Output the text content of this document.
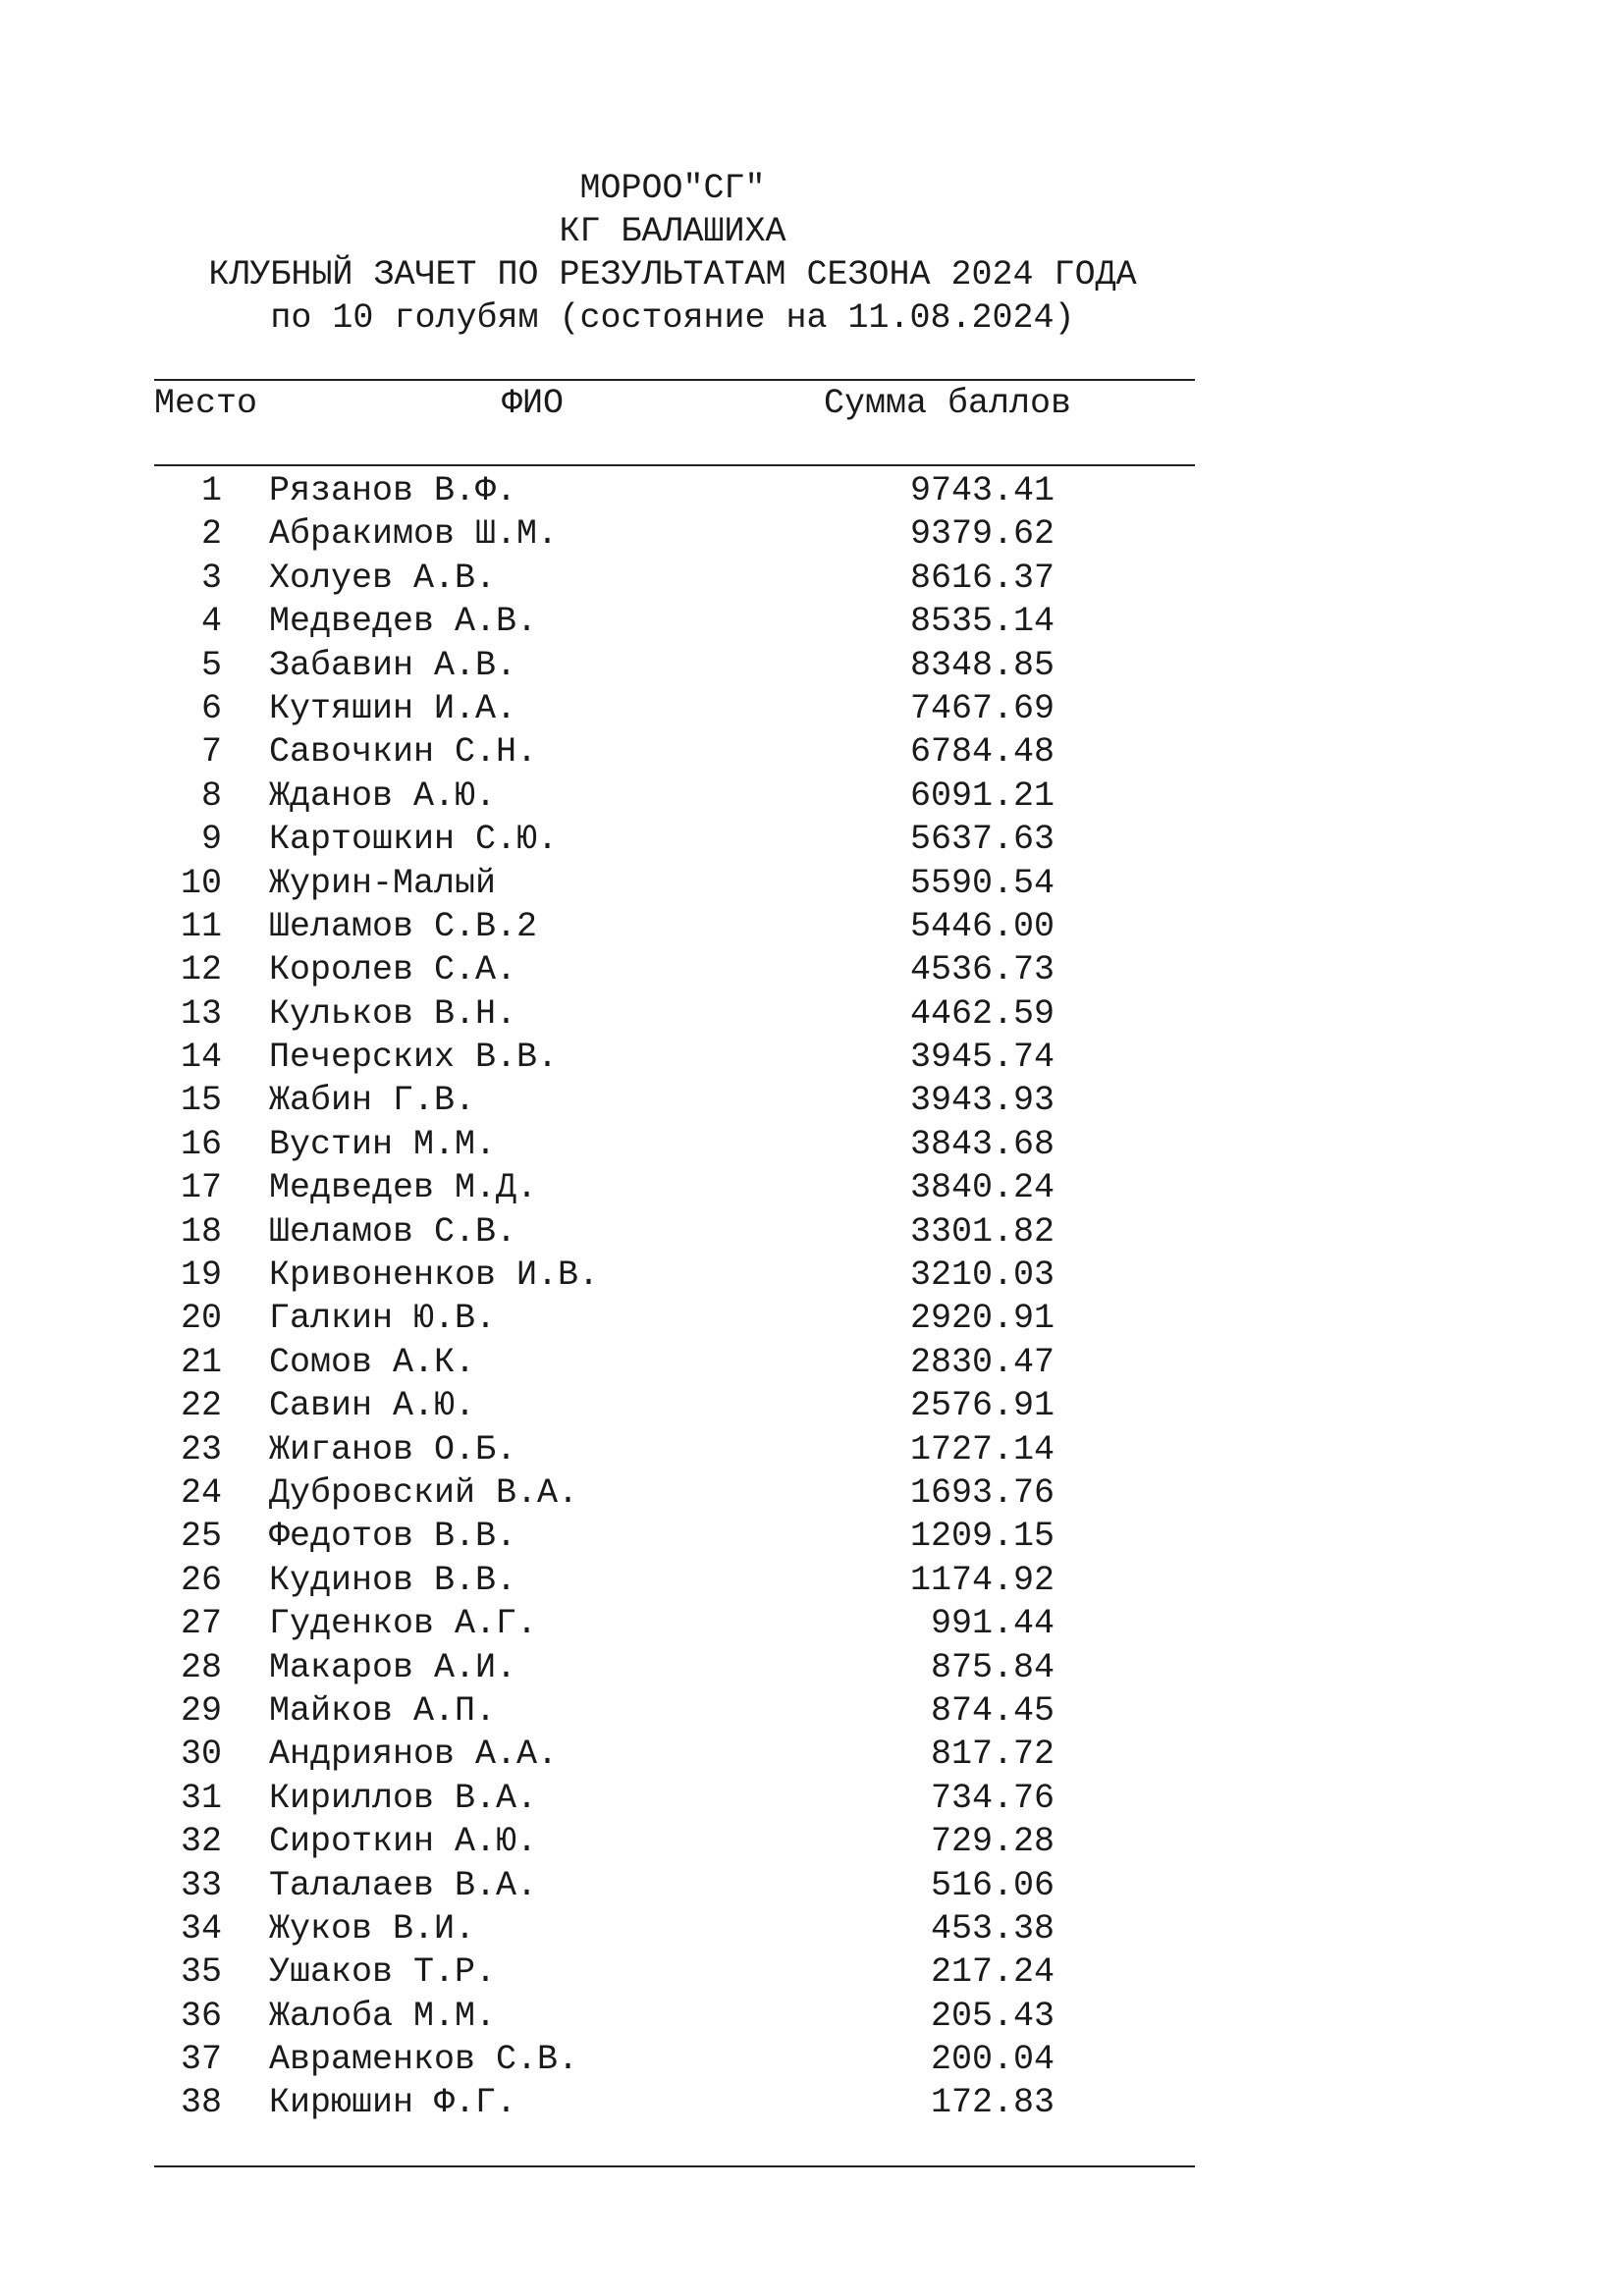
МОРОО"СГ"
КГ БАЛАШИХА
КЛУБНЫЙ ЗАЧЕТ ПО РЕЗУЛЬТАТАМ СЕЗОНА 2024 ГОДА
по 10 голубям (состояние на 11.08.2024)
Место	ФИО	Сумма баллов
1 Рязанов В.Ф.	9743.41
2 Абракимов Ш.М.	9379.62
3 Холуев А.В.	8616.37
4 Медведев А.В.	8535.14
5 Забавин А.В.	8348.85
6 Кутяшин И.А.	7467.69
7 Савочкин С.Н.	6784.48
8 Жданов А.Ю.	6091.21
9 Картошкин С.Ю.	5637.63
10 Журин-Малый	5590.54
11 Шеламов С.В.2	5446.00
12 Королев С.А.	4536.73
13 Кульков В.Н.	4462.59
14 Печерских В.В.	3945.74
15 Жабин Г.В.	3943.93
16 Вустин М.М.	3843.68
17 Медведев М.Д.	3840.24
18 Шеламов С.В.	3301.82
19 Кривоненков И.В.	3210.03
20 Галкин Ю.В.	2920.91
21 Сомов А.К.	2830.47
22 Савин А.Ю.	2576.91
23 Жиганов О.Б.	1727.14
24 Дубровский В.А.	1693.76
25 Федотов В.В.	1209.15
26 Кудинов В.В.	1174.92
27 Гуденков А.Г.	991.44
28 Макаров А.И.	875.84
29 Майков А.П.	874.45
30 Андриянов А.А.	817.72
31 Кириллов В.А.	734.76
32 Сироткин А.Ю.	729.28
33 Талалаев В.А.	516.06
34 Жуков В.И.	453.38
35 Ушаков Т.Р.	217.24
36 Жалоба М.М.	205.43
37 Авраменков С.В.	200.04
38 Кирюшин Ф.Г.	172.83
